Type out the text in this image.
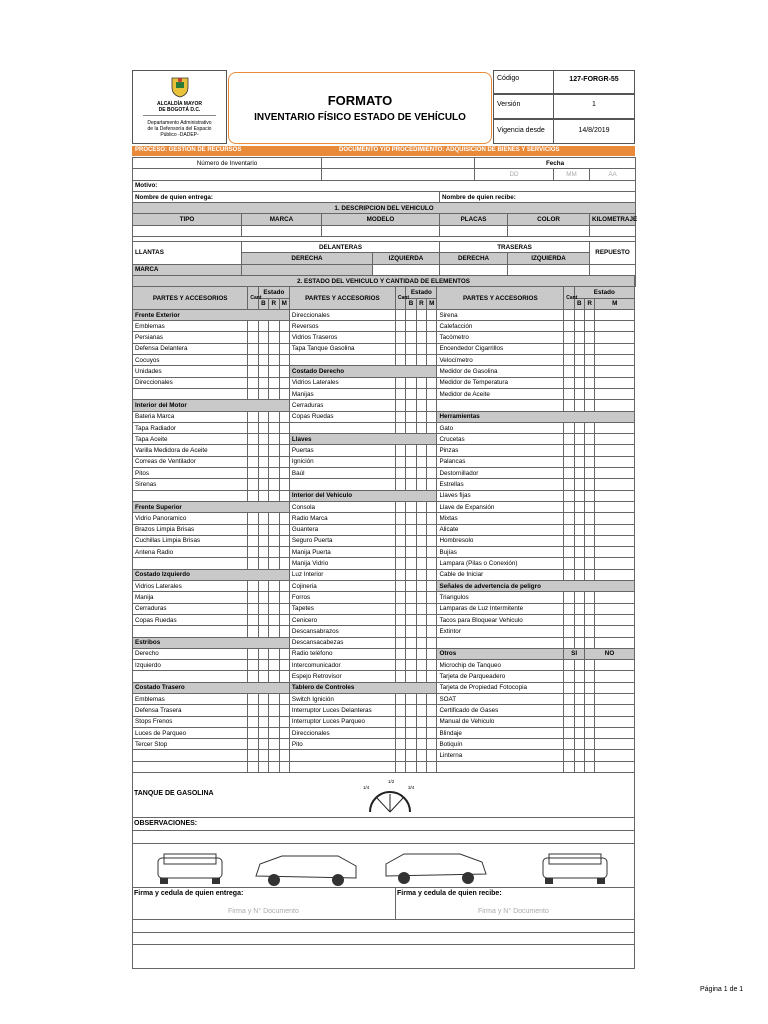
ALCALDÍA MAYOR
DE BOGOTÁ D.C.
Departamento Administrativo
de la Defensoría del Espacio
Público -DADEP-
FORMATO
INVENTARIO FÍSICO ESTADO DE VEHÍCULO
Código	127-FORGR-55
Versión	1
Vigencia desde	14/8/2019
PROCESO: GESTIÓN DE RECURSOS	DOCUMENTO Y/O PROCEDIMIENTO: ADQUISICIÓN DE BIENES Y SERVICIOS
Número de Inventario					Fecha			
					DD		MM	AA
Motivo:								
Nombre de quien entrega:				Nombre de quien recibe:				
1. DESCRIPCION DEL VEHICULO								
TIPO	MARCA	MODELO		PLACAS		COLOR		KILOMETRAJE

LLANTAS	DELANTERAS			TRASERAS				REPUESTO
	DERECHA		IZQUIERDA	DERECHA		IZQUIERDA		
MARCA								

2. ESTADO DEL VEHICULO Y CANTIDAD DE ELEMENTOS														
PARTES Y ACCESORIOS	Cant	Estado			PARTES Y ACCESORIOS	Cant	Estado			PARTES Y ACCESORIOS	Cant	Estado		
		B	R	M			B	R	M			B	R	M
Frente Exterior					Direccionales					Sirena				
Emblemas					Reversos					Calefacción				
Persianas					Vidrios Traseros					Tacómetro				
Defensa Delantera					Tapa Tanque Gasolina					Encendedor Cigarrillos				
Cocuyos										Velocímetro				
Unidades					Costado Derecho					Medidor de Gasolina				
Direccionales					Vidrios Laterales					Medidor de Temperatura				
					Manijas					Medidor de Aceite				
Interior del Motor					Cerraduras									
Bateria Marca					Copas Ruedas					Herramientas				
Tapa Radiador										Gato				
Tapa Aceite					Llaves					Crucetas				
Varilla Medidora de Aceite					Puertas					Pinzas				
Correas de Ventilador					Ignición					Palancas				
Pitos					Baúl					Destornillador				
Sirenas										Estrellas				
					Interior del Vehiculo					Llaves fijas				
Frente Superior					Consola					Llave de Expansión				
Vidrio Panoramico					Radio Marca					Mixtas				
Brazos Limpia Brisas					Guantera					Alicate				
Cuchillas Limpia Brisas					Seguro Puerta					Hombresolo				
Antena Radio					Manija Puerta					Bujías				
					Manija Vidrio					Lampara (Pilas o Conexión)				
Costado Izquierdo					Luz Interior					Cable de Iniciar				
Vidrios Laterales					Cojineria					Señales de advertencia de peligro				
Manija					Forros					Triangulos				
Cerraduras					Tapetes					Lamparas de Luz Intermitente				
Copas Ruedas					Cenicero					Tacos para Bloquear Vehiculo				
					Descansabrazos					Extintor				
Estribos					Descansacabezas									
Derecho					Radio teléfono					Otros	SI		NO	
Izquierdo					Intercomunicador					Microchip de Tanqueo				
					Espejo Retrovisor					Tarjeta de Parqueadero				
Costado Trasero					Tablero de Controles					Tarjeta de Propiedad Fotocopia				
Emblemas					Switch Ignición					SOAT				
Defensa Trasera					Interruptor Luces Delanteras					Certificado de Gases				
Stops Frenos					Interruptor Luces Parqueo					Manual de Vehiculo				
Luces de Parqueo					Direccionales					Blindaje				
Tercer Stop					Pito					Botiquín				
										Linterna				

TANQUE DE GASOLINA
1/2
1/4	3/4
OBSERVACIONES:
Firma y cedula de quien entrega:	Firma y cedula de quien recibe:
Firma y N° Documento	Firma y N° Documento
Página 1 de 1
